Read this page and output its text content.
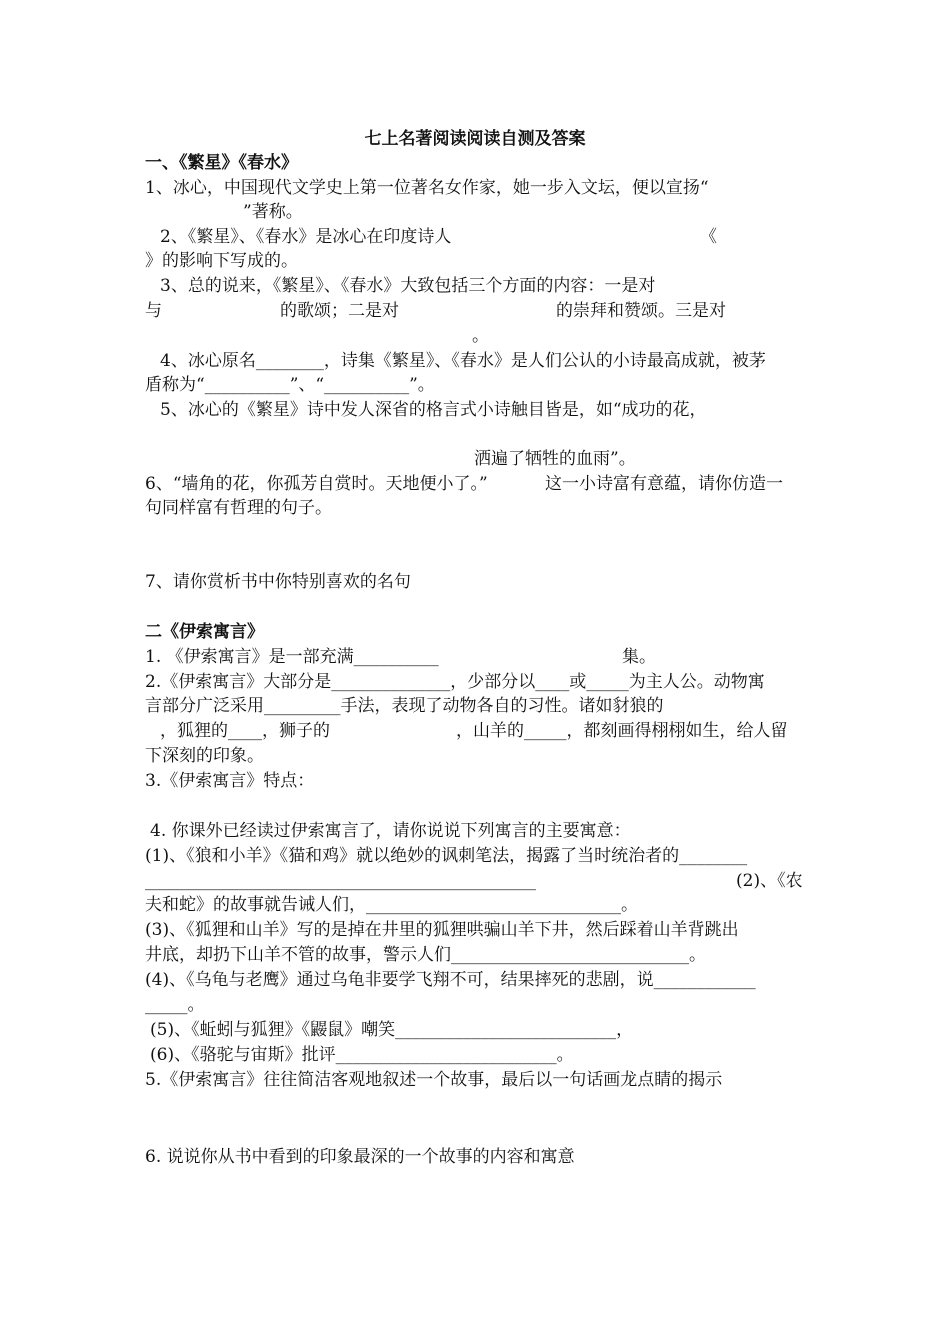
七上名著阅读阅读自测及答案
一、《繁星》《春水》
1、冰心，中国现代文学史上第一位著名女作家，她一步入文坛，便以宣扬“
”著称。
2、《繁星》、《春水》是冰心在印度诗人	《
》的影响下写成的。
3、总的说来，《繁星》、《春水》大致包括三个方面的内容：一是对
与	的歌颂；二是对	的崇拜和赞颂。三是对
。
4、冰心原名________，诗集《繁星》、《春水》是人们公认的小诗最高成就，被茅
盾称为“__________”、“__________”。
5、冰心的《繁星》诗中发人深省的格言式小诗触目皆是，如“成功的花，
洒遍了牺牲的血雨”。
6、“墙角的花，你孤芳自赏时。天地便小了。”	这一小诗富有意蕴，请你仿造一
句同样富有哲理的句子。
7、请你赏析书中你特别喜欢的名句
二《伊索寓言》
1. 《伊索寓言》是一部充满__________	集。
2.《伊索寓言》大部分是______________，少部分以____或_____为主人公。动物寓
言部分广泛采用_________手法，表现了动物各自的习性。诸如豺狼的
，狐狸的____，狮子的	，山羊的_____，都刻画得栩栩如生，给人留
下深刻的印象。
3.《伊索寓言》特点：
4. 你课外已经读过伊索寓言了，请你说说下列寓言的主要寓意：
(1)、《狼和小羊》《猫和鸡》就以绝妙的讽刺笔法，揭露了当时统治者的________
______________________________________________	(2)、《农
夫和蛇》的故事就告诫人们，______________________________。
(3)、《狐狸和山羊》写的是掉在井里的狐狸哄骗山羊下井，然后踩着山羊背跳出
井底，却扔下山羊不管的故事，警示人们____________________________。
(4)、《乌龟与老鹰》通过乌龟非要学飞翔不可，结果摔死的悲剧，说____________
_____。
(5)、《蚯蚓与狐狸》《鼹鼠》嘲笑__________________________，
(6)、《骆驼与宙斯》批评__________________________。
5.《伊索寓言》往往简洁客观地叙述一个故事，最后以一句话画龙点睛的揭示
6. 说说你从书中看到的印象最深的一个故事的内容和寓意
